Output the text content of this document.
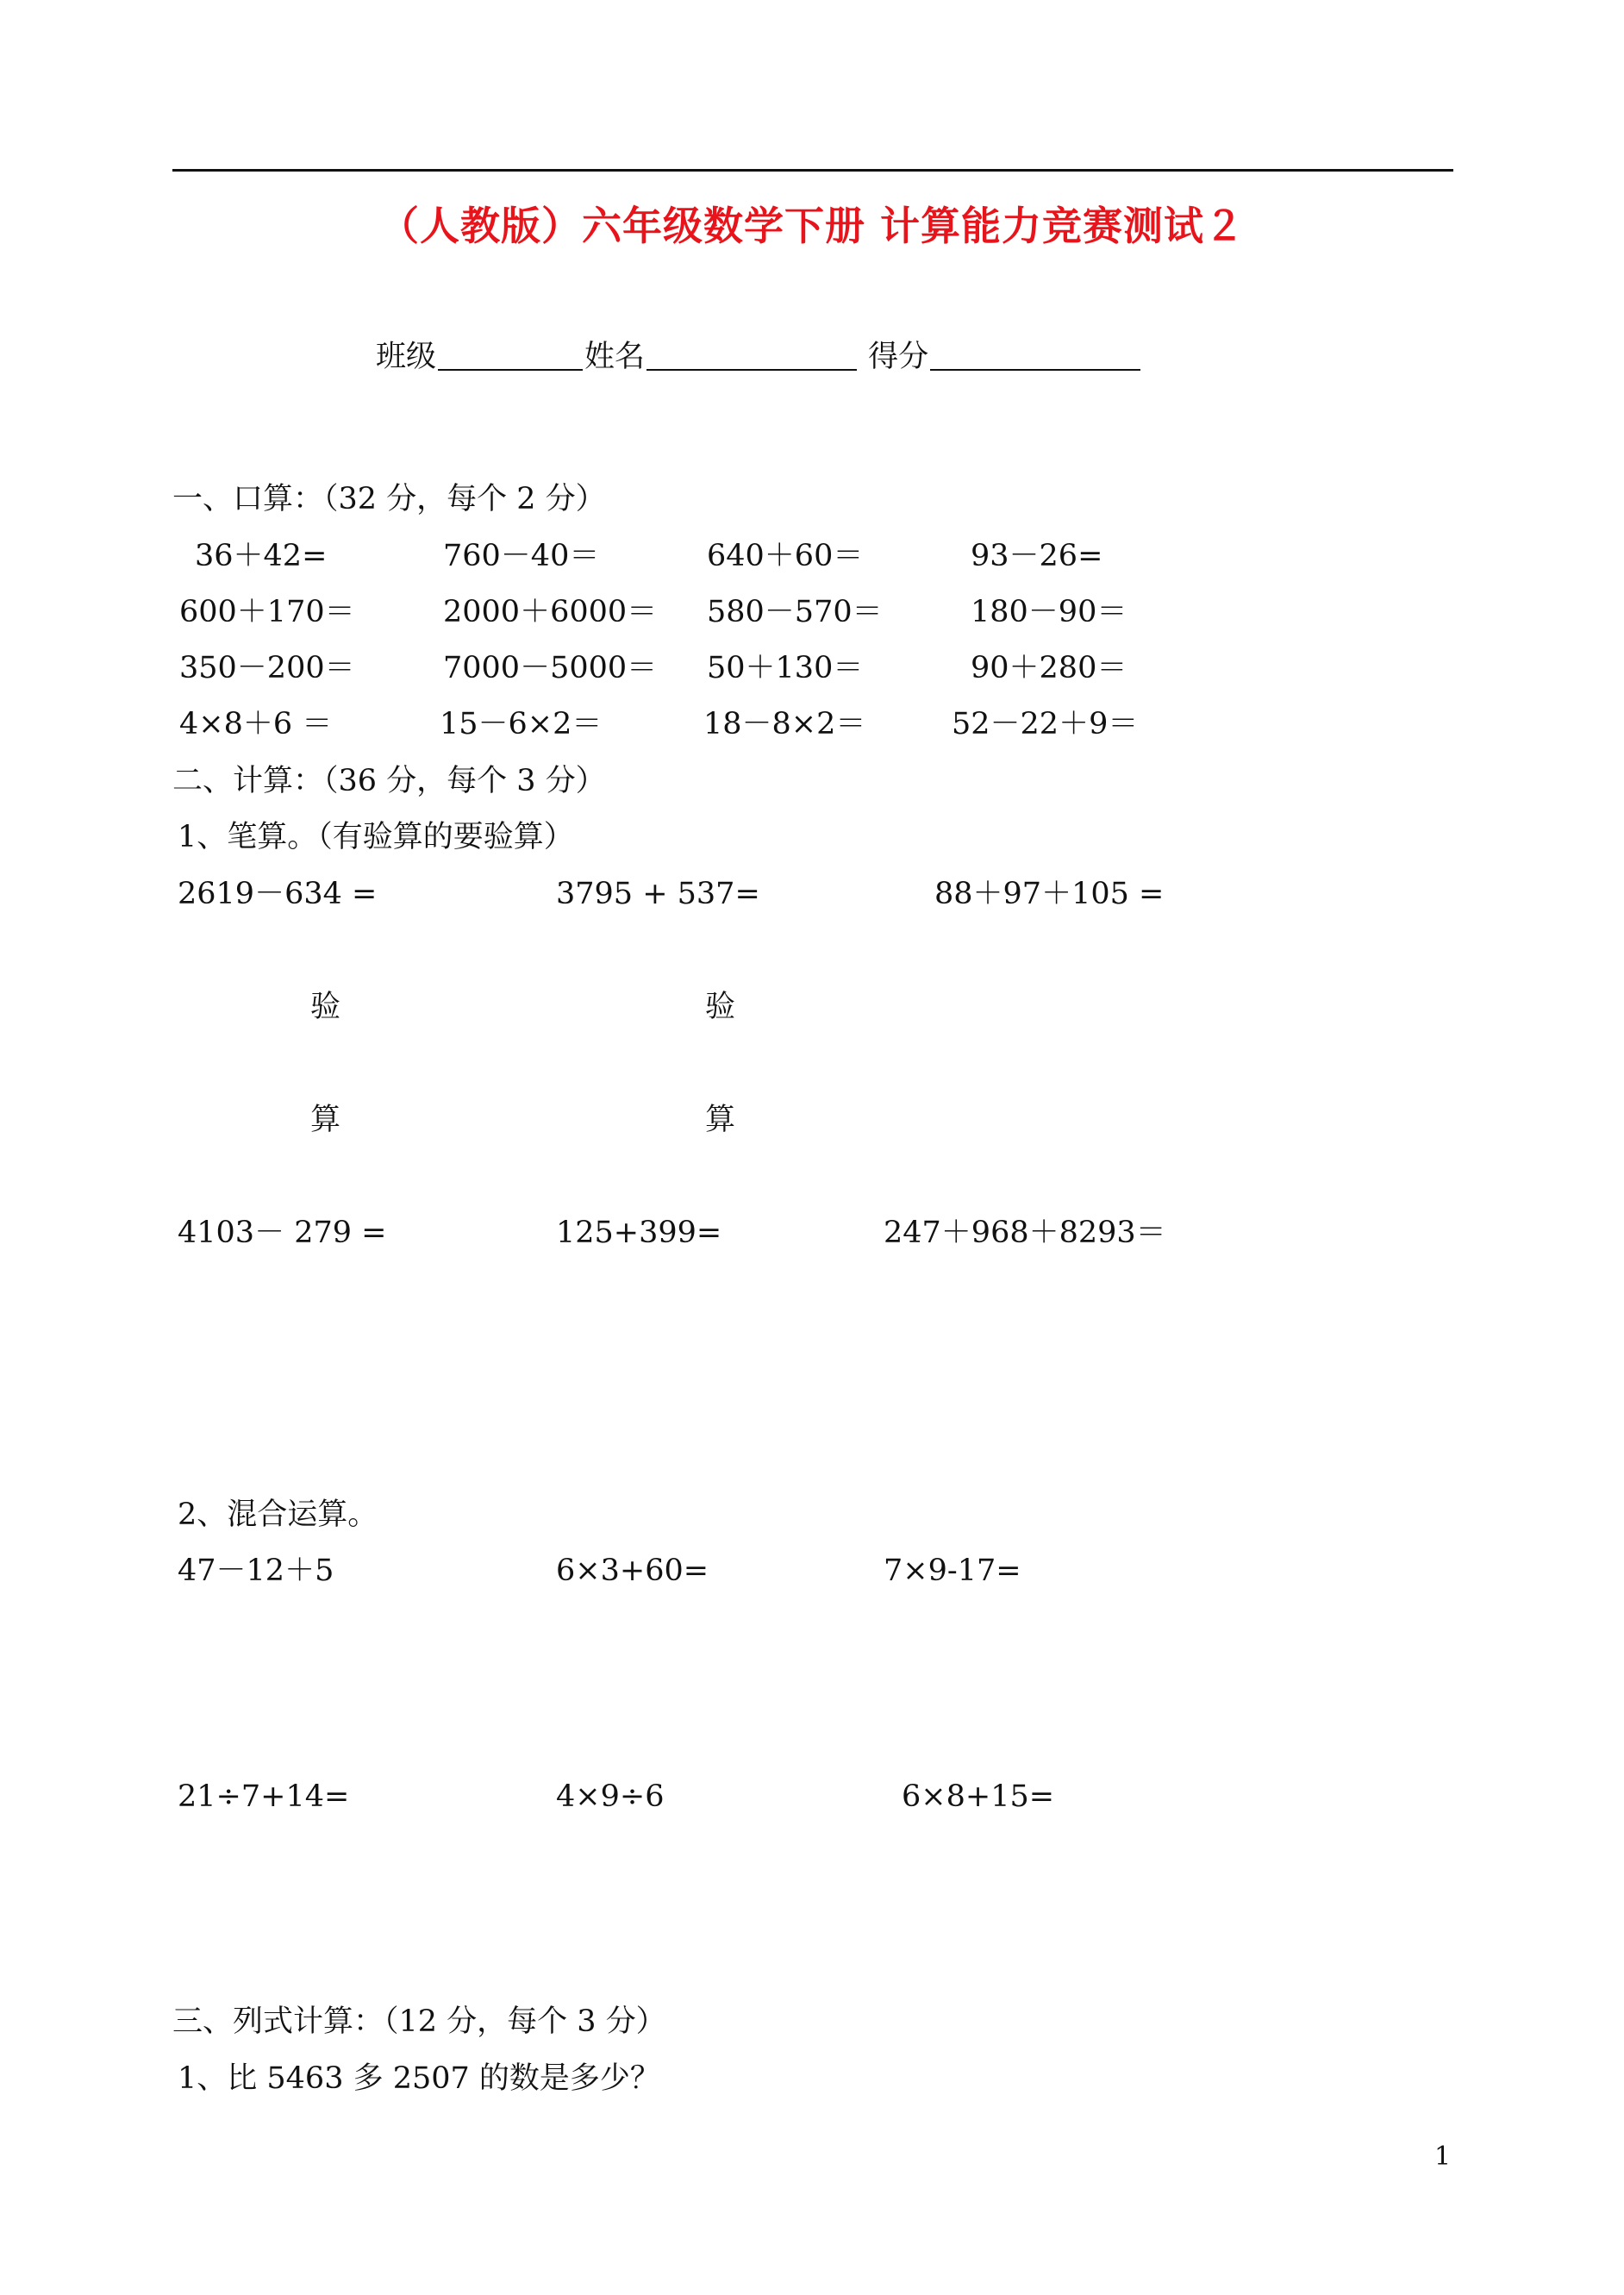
（人教版）六年级数学下册 计算能力竞赛测试２
班级	姓名	得分
一、口算：（32 分，每个 2 分）
36＋42=	760－40＝	640＋60＝	93－26=
600＋170＝	2000＋6000＝ 580－570＝	180－90＝
350－200＝	7000－5000＝ 50＋130＝	90＋280＝
4×8＋6 ＝	15－6×2＝	18－8×2＝	52－22＋9＝
二、计算：（36 分，每个 3 分）
1、笔算。（有验算的要验算）
2619－634 =	3795 + 537=	88＋97＋105 =
验
算
验
算
4103－ 279 =	125+399=	247＋968＋8293＝
2、混合运算。
47－12＋5	6×3+60=	7×9-17=
21÷7+14=	4×9÷6	6×8+15=
三、列式计算：（12 分，每个 3 分）
1、比 5463 多 2507 的数是多少？
1
